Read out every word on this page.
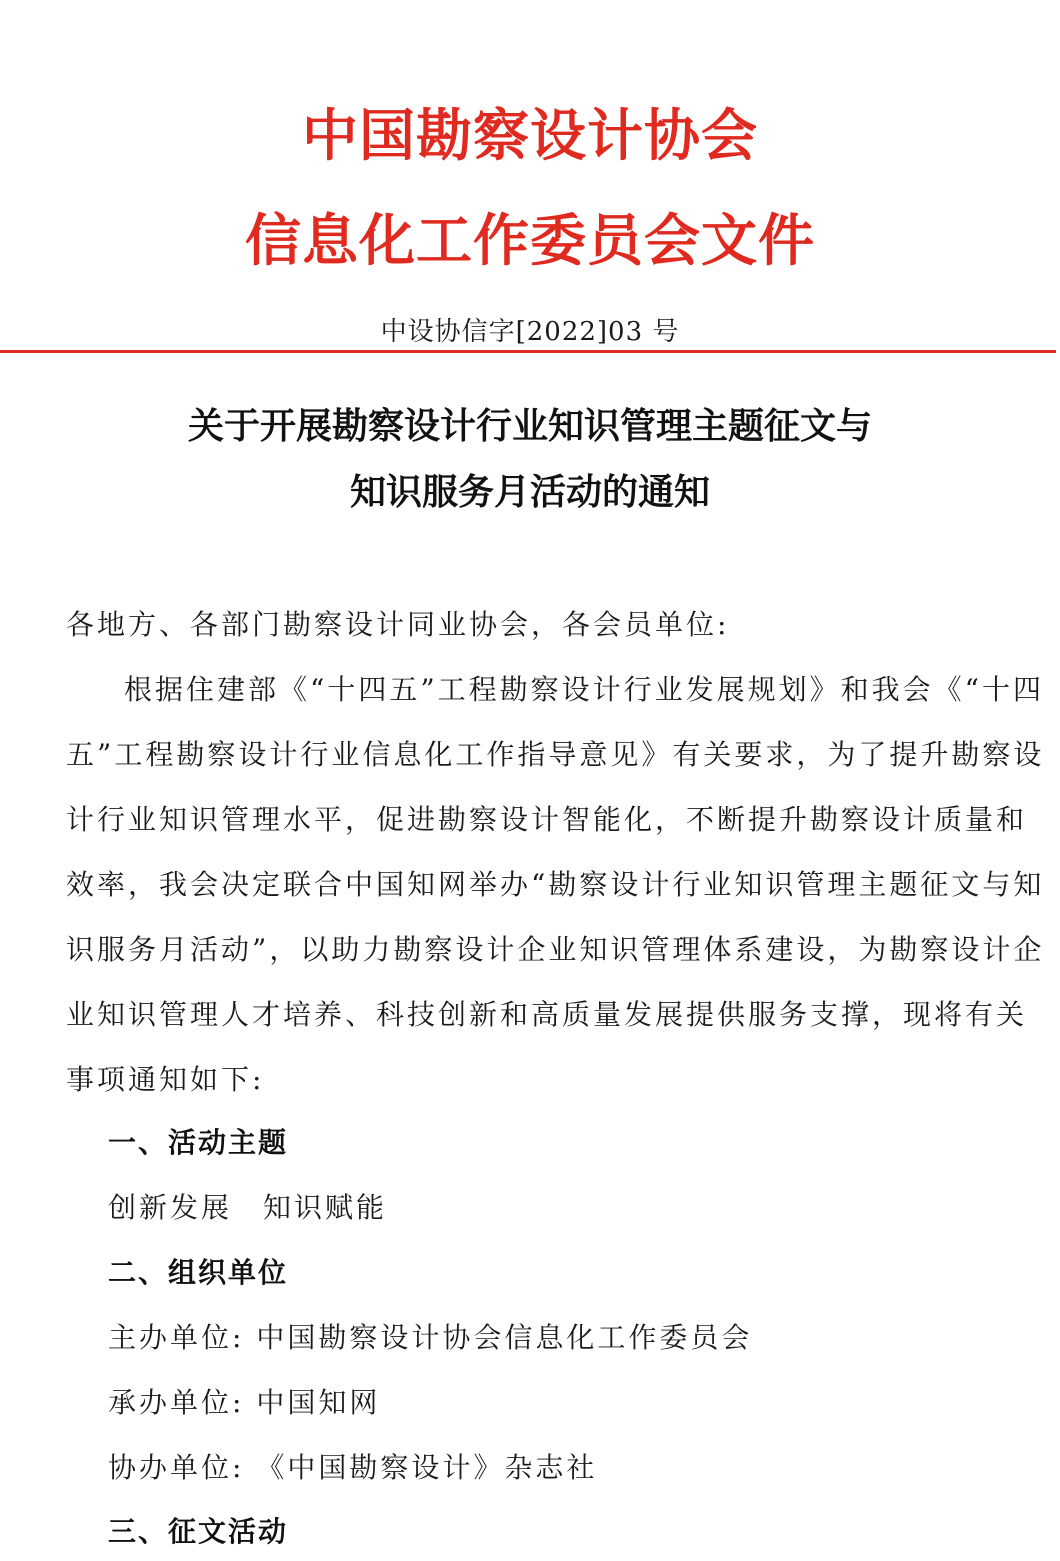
中国勘察设计协会
信息化工作委员会文件
中设协信字[2022]03 号
关于开展勘察设计行业知识管理主题征文与
知识服务月活动的通知
各地方、各部门勘察设计同业协会，各会员单位:
根据住建部《“十四五”工程勘察设计行业发展规划》和我会《“十四
五”工程勘察设计行业信息化工作指导意见》有关要求，为了提升勘察设
计行业知识管理水平，促进勘察设计智能化，不断提升勘察设计质量和
效率，我会决定联合中国知网举办“勘察设计行业知识管理主题征文与知
识服务月活动”，以助力勘察设计企业知识管理体系建设，为勘察设计企
业知识管理人才培养、科技创新和高质量发展提供服务支撑，现将有关
事项通知如下:
一、活动主题
创新发展　知识赋能
二、组织单位
主办单位: 中国勘察设计协会信息化工作委员会
承办单位: 中国知网
协办单位: 《中国勘察设计》杂志社
三、征文活动
